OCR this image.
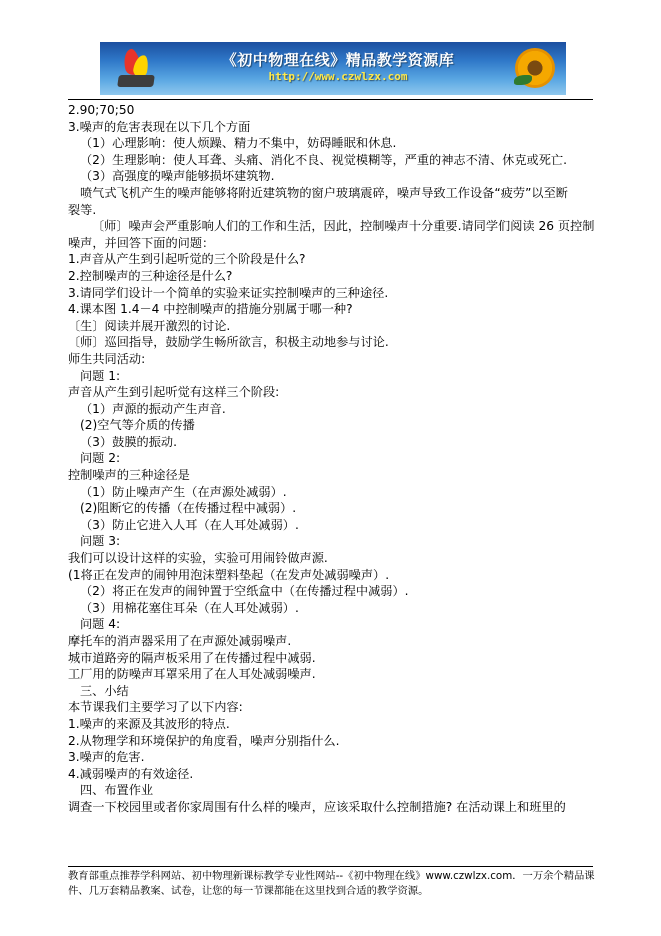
《初中物理在线》精品教学资源库
http://www.czwlzx.com

2.90;70;50

3.噪声的危害表现在以下几个方面

（1）心理影响：使人烦躁、精力不集中，妨碍睡眠和休息.

（2）生理影响：使人耳聋、头痛、消化不良、视觉模糊等，严重的神志不清、休克或死亡.

（3）高强度的噪声能够损坏建筑物.

喷气式飞机产生的噪声能够将附近建筑物的窗户玻璃震碎，噪声导致工作设备“疲劳”以至断

裂等.

〔师〕噪声会严重影响人们的工作和生活，因此，控制噪声十分重要.请同学们阅读 26 页控制

噪声，并回答下面的问题：

1.声音从产生到引起听觉的三个阶段是什么?

2.控制噪声的三种途径是什么?

3.请同学们设计一个简单的实验来证实控制噪声的三种途径.

4.课本图 1.4－4 中控制噪声的措施分别属于哪一种?

〔生〕阅读并展开激烈的讨论.

〔师〕巡回指导，鼓励学生畅所欲言，积极主动地参与讨论.

师生共同活动:

问题 1:

声音从产生到引起听觉有这样三个阶段:

（1）声源的振动产生声音.

(2)空气等介质的传播

（3）鼓膜的振动.

问题 2:

控制噪声的三种途径是

（1）防止噪声产生（在声源处减弱）.

(2)阻断它的传播（在传播过程中减弱）.

（3）防止它进入人耳（在人耳处减弱）.

问题 3:

我们可以设计这样的实验，实验可用闹铃做声源.

(1将正在发声的闹钟用泡沫塑料垫起（在发声处减弱噪声）.

（2）将正在发声的闹钟置于空纸盒中（在传播过程中减弱）.

（3）用棉花塞住耳朵（在人耳处减弱）.

问题 4:

摩托车的消声器采用了在声源处减弱噪声.

城市道路旁的隔声板采用了在传播过程中减弱.

工厂用的防噪声耳罩采用了在人耳处减弱噪声.

三、小结

本节课我们主要学习了以下内容:

1.噪声的来源及其波形的特点.

2.从物理学和环境保护的角度看，噪声分别指什么.

3.噪声的危害.

4.减弱噪声的有效途径.

四、布置作业

调查一下校园里或者你家周围有什么样的噪声，应该采取什么控制措施? 在活动课上和班里的

教育部重点推荐学科网站、初中物理新课标教学专业性网站--《初中物理在线》www.czwlzx.com．一万余个精品课

件、几万套精品教案、试卷，让您的每一节课都能在这里找到合适的教学资源。
